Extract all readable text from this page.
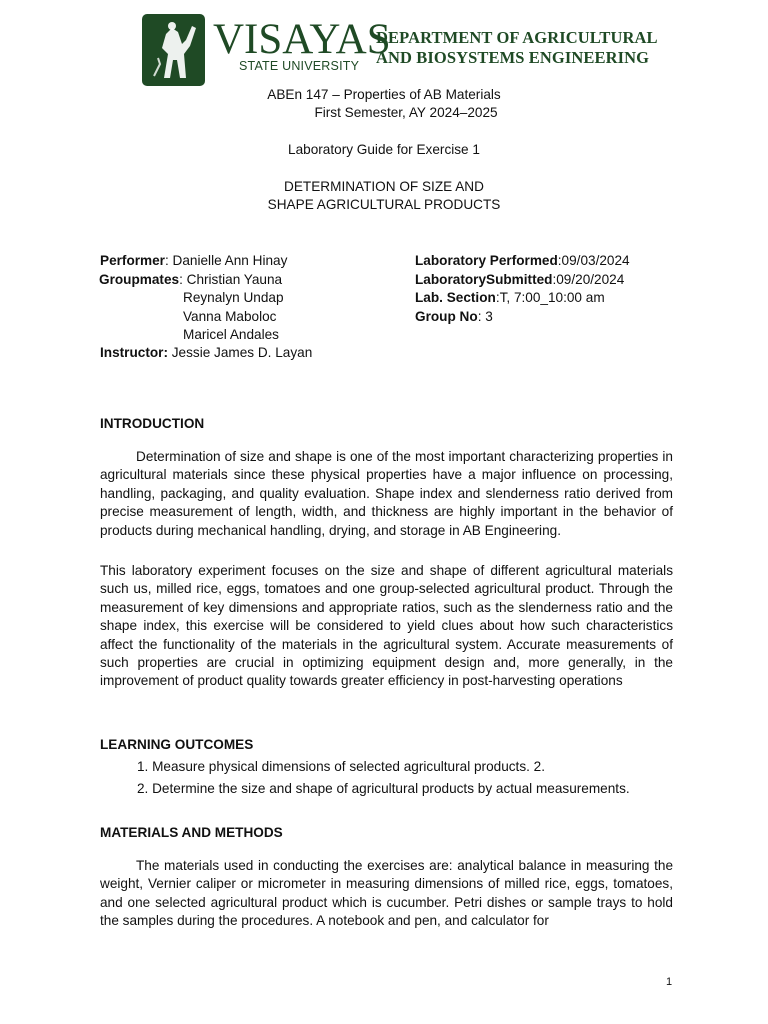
VISAYAS
STATE UNIVERSITY
DEPARTMENT OF AGRICULTURAL
AND BIOSYSTEMS ENGINEERING
ABEn 147 – Properties of AB Materials
First Semester, AY 2024–2025
Laboratory Guide for Exercise 1
DETERMINATION OF SIZE AND
SHAPE AGRICULTURAL PRODUCTS
Performer: Danielle Ann Hinay
Groupmates: Christian Yauna
Reynalyn Undap
Vanna Maboloc
Maricel Andales
Instructor: Jessie James D. Layan
Laboratory Performed:09/03/2024
LaboratorySubmitted:09/20/2024
Lab. Section:T, 7:00_10:00 am
Group No: 3
INTRODUCTION
Determination of size and shape is one of the most important characterizing properties in agricultural materials since these physical properties have a major influence on processing, handling, packaging, and quality evaluation. Shape index and slenderness ratio derived from precise measurement of length, width, and thickness are highly important in the behavior of products during mechanical handling, drying, and storage in AB Engineering.
This laboratory experiment focuses on the size and shape of different agricultural materials such us, milled rice, eggs, tomatoes and one group-selected agricultural product. Through the measurement of key dimensions and appropriate ratios, such as the slenderness ratio and the shape index, this exercise will be considered to yield clues about how such characteristics affect the functionality of the materials in the agricultural system. Accurate measurements of such properties are crucial in optimizing equipment design and, more generally, in the improvement of product quality towards greater efficiency in post-harvesting operations
LEARNING OUTCOMES
1. Measure physical dimensions of selected agricultural products. 2.
2. Determine the size and shape of agricultural products by actual measurements.
MATERIALS AND METHODS
The materials used in conducting the exercises are: analytical balance in measuring the weight, Vernier caliper or micrometer in measuring dimensions of milled rice, eggs, tomatoes, and one selected agricultural product which is cucumber. Petri dishes or sample trays to hold the samples during the procedures. A notebook and pen, and calculator for
1
